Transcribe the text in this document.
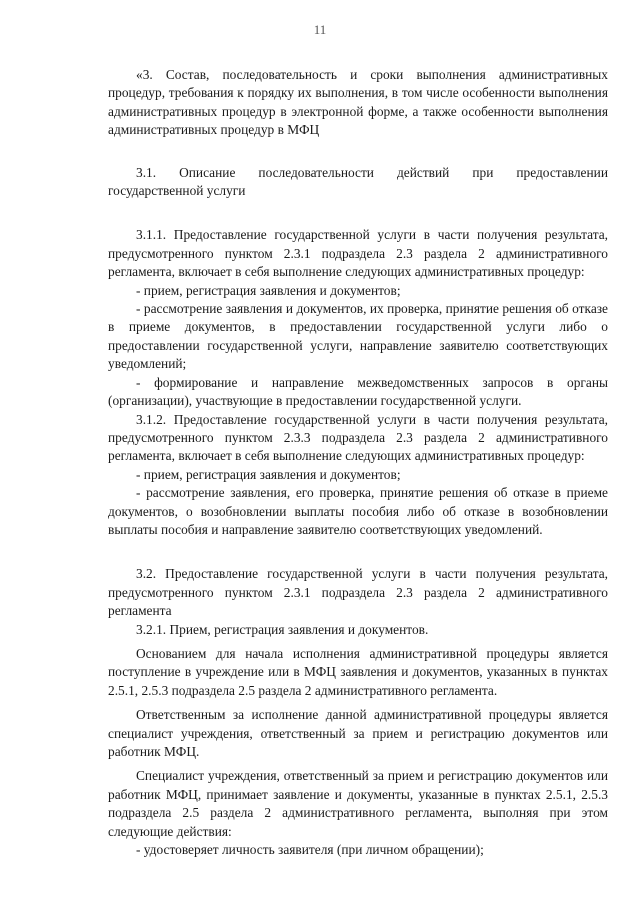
11

«3. Состав, последовательность и сроки выполнения административных процедур, требования к порядку их выполнения, в том числе особенности выполнения административных процедур в электронной форме, а также особенности выполнения административных процедур в МФЦ

3.1. Описание последовательности действий при предоставлении государственной услуги

3.1.1. Предоставление государственной услуги в части получения результата, предусмотренного пунктом 2.3.1 подраздела 2.3 раздела 2 административного регламента, включает в себя выполнение следующих административных процедур:

- прием, регистрация заявления и документов;

- рассмотрение заявления и документов, их проверка, принятие решения об отказе в приеме документов, в предоставлении государственной услуги либо о предоставлении государственной услуги, направление заявителю соответствующих уведомлений;

- формирование и направление межведомственных запросов в органы (организации), участвующие в предоставлении государственной услуги.

3.1.2. Предоставление государственной услуги в части получения результата, предусмотренного пунктом 2.3.3 подраздела 2.3 раздела 2 административного регламента, включает в себя выполнение следующих административных процедур:

- прием, регистрация заявления и документов;

- рассмотрение заявления, его проверка, принятие решения об отказе в приеме документов, о возобновлении выплаты пособия либо об отказе в возобновлении выплаты пособия и направление заявителю соответствующих уведомлений.

3.2. Предоставление государственной услуги в части получения результата, предусмотренного пунктом 2.3.1 подраздела 2.3 раздела 2 административного регламента

3.2.1. Прием, регистрация заявления и документов.

Основанием для начала исполнения административной процедуры является поступление в учреждение или в МФЦ заявления и документов, указанных в пунктах 2.5.1, 2.5.3 подраздела 2.5 раздела 2 административного регламента.

Ответственным за исполнение данной административной процедуры является специалист учреждения, ответственный за прием и регистрацию документов или работник МФЦ.

Специалист учреждения, ответственный за прием и регистрацию документов или работник МФЦ, принимает заявление и документы, указанные в пунктах 2.5.1, 2.5.3 подраздела 2.5 раздела 2 административного регламента, выполняя при этом следующие действия:

- удостоверяет личность заявителя (при личном обращении);
